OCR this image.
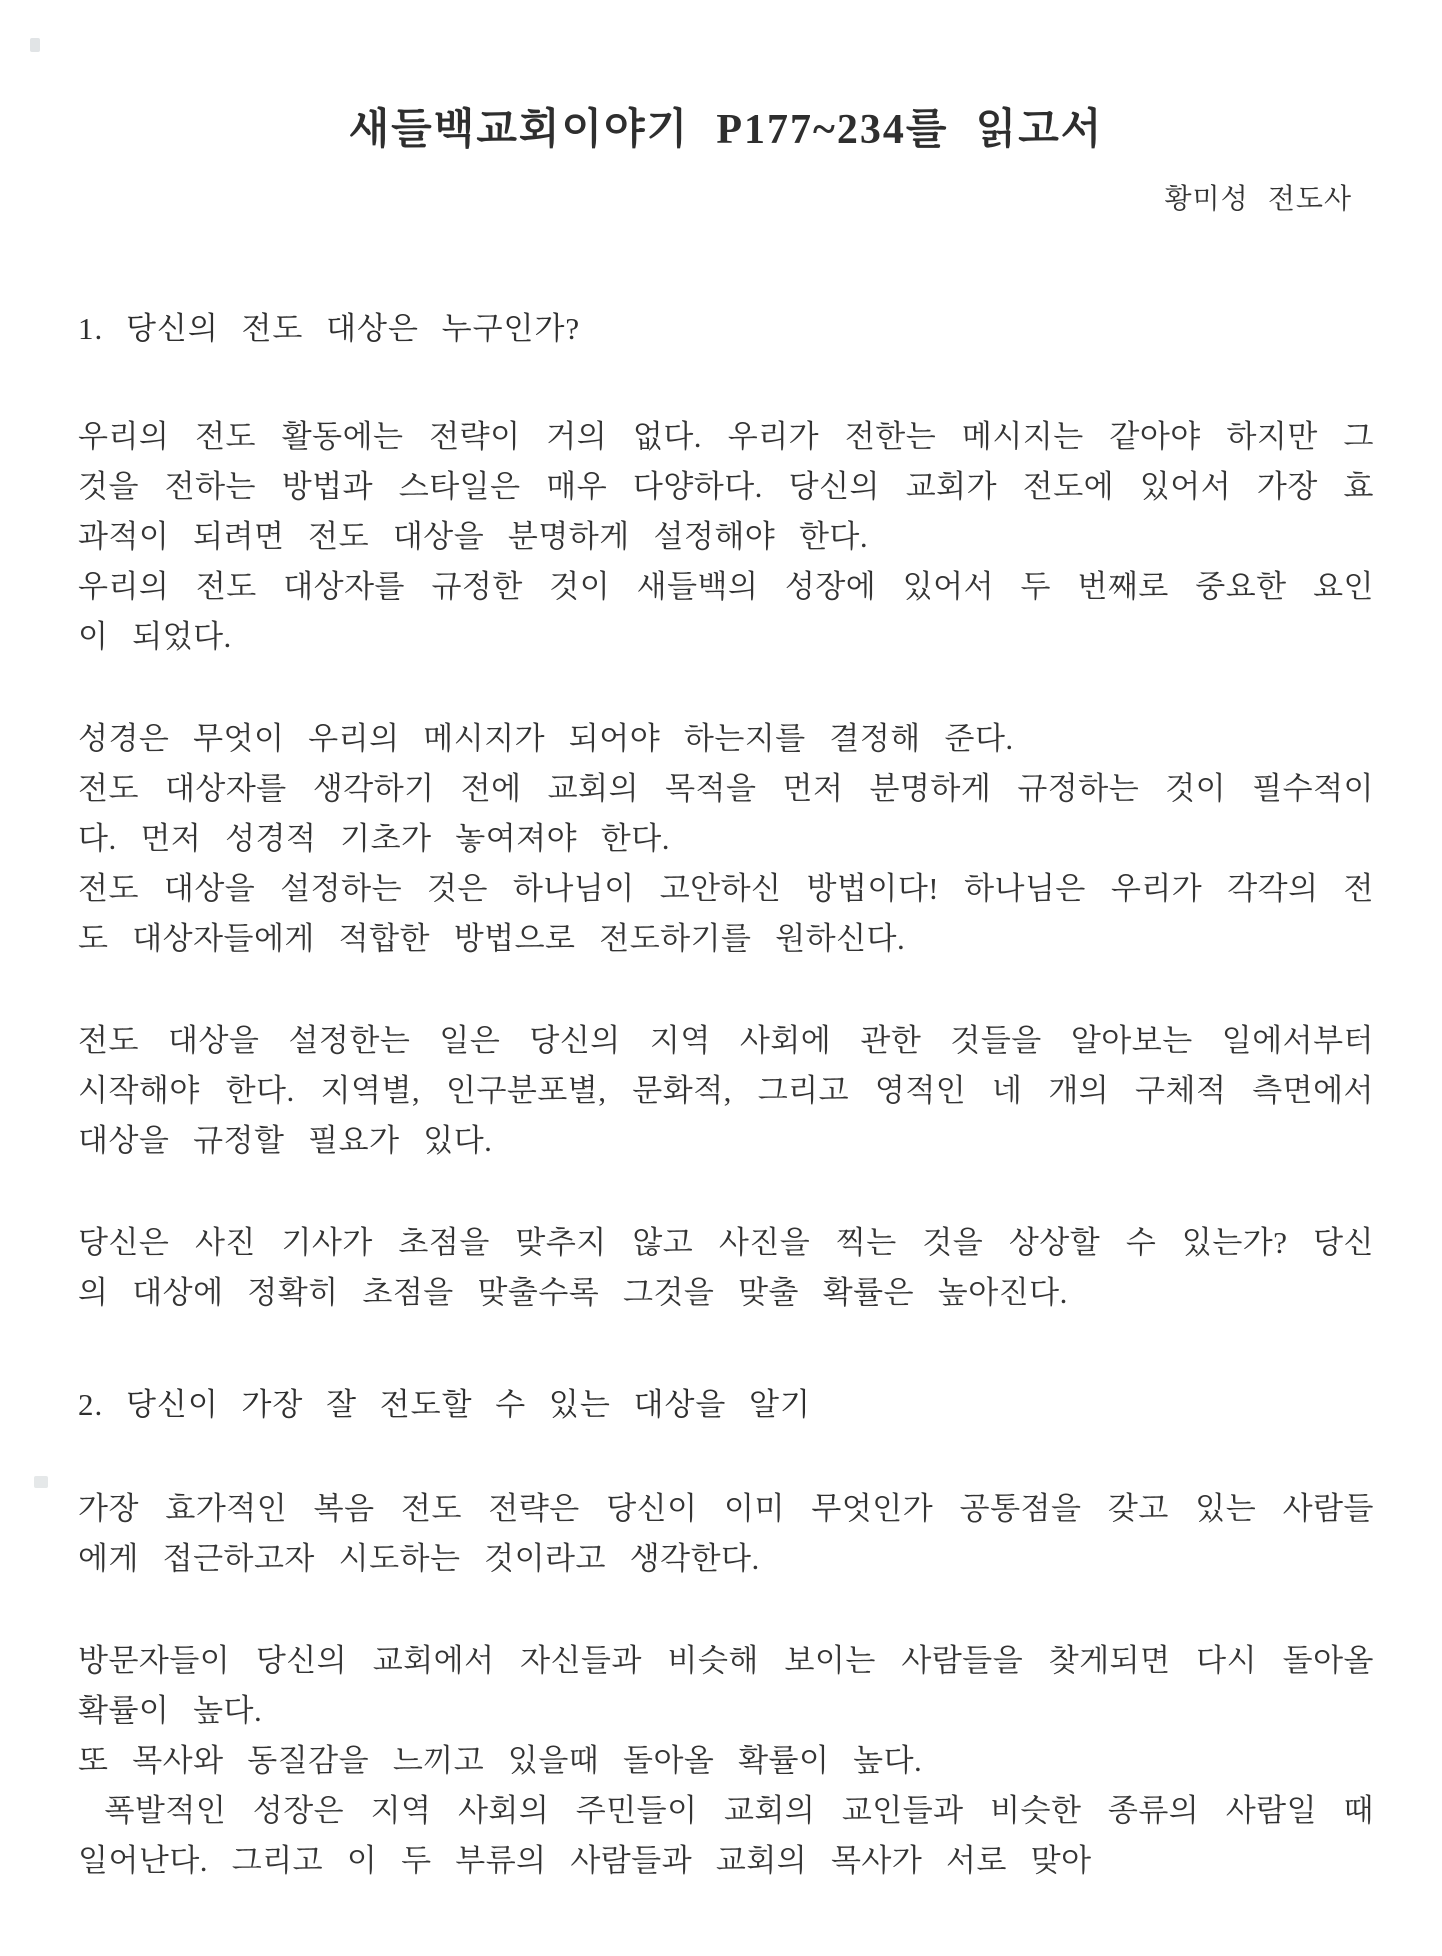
새들백교회이야기 P177~234를 읽고서
황미성 전도사
1. 당신의 전도 대상은 누구인가?

우리의 전도 활동에는 전략이 거의 없다. 우리가 전한는 메시지는 같아야 하지만 그것을 전하는 방법과 스타일은 매우 다양하다. 당신의 교회가 전도에 있어서 가장 효과적이 되려면 전도 대상을 분명하게 설정해야 한다.
우리의 전도 대상자를 규정한 것이 새들백의 성장에 있어서 두 번째로 중요한 요인이 되었다.

성경은 무엇이 우리의 메시지가 되어야 하는지를 결정해 준다.
전도 대상자를 생각하기 전에 교회의 목적을 먼저 분명하게 규정하는 것이 필수적이다. 먼저 성경적 기초가 놓여져야 한다.
전도 대상을 설정하는 것은 하나님이 고안하신 방법이다! 하나님은 우리가 각각의 전도 대상자들에게 적합한 방법으로 전도하기를 원하신다.

전도 대상을 설정한는 일은 당신의 지역 사회에 관한 것들을 알아보는 일에서부터 시작해야 한다. 지역별, 인구분포별, 문화적, 그리고 영적인 네 개의 구체적 측면에서 대상을 규정할 필요가 있다.

당신은 사진 기사가 초점을 맞추지 않고 사진을 찍는 것을 상상할 수 있는가? 당신의 대상에 정확히 초점을 맞출수록 그것을 맞출 확률은 높아진다.

2. 당신이 가장 잘 전도할 수 있는 대상을 알기

가장 효가적인 복음 전도 전략은 당신이 이미 무엇인가 공통점을 갖고 있는 사람들에게 접근하고자 시도하는 것이라고 생각한다.

방문자들이 당신의 교회에서 자신들과 비슷해 보이는 사람들을 찾게되면 다시 돌아올 확률이 높다.
또 목사와 동질감을 느끼고 있을때 돌아올 확률이 높다.
폭발적인 성장은 지역 사회의 주민들이 교회의 교인들과 비슷한 종류의 사람일 때 일어난다. 그리고 이 두 부류의 사람들과 교회의 목사가 서로 맞아
